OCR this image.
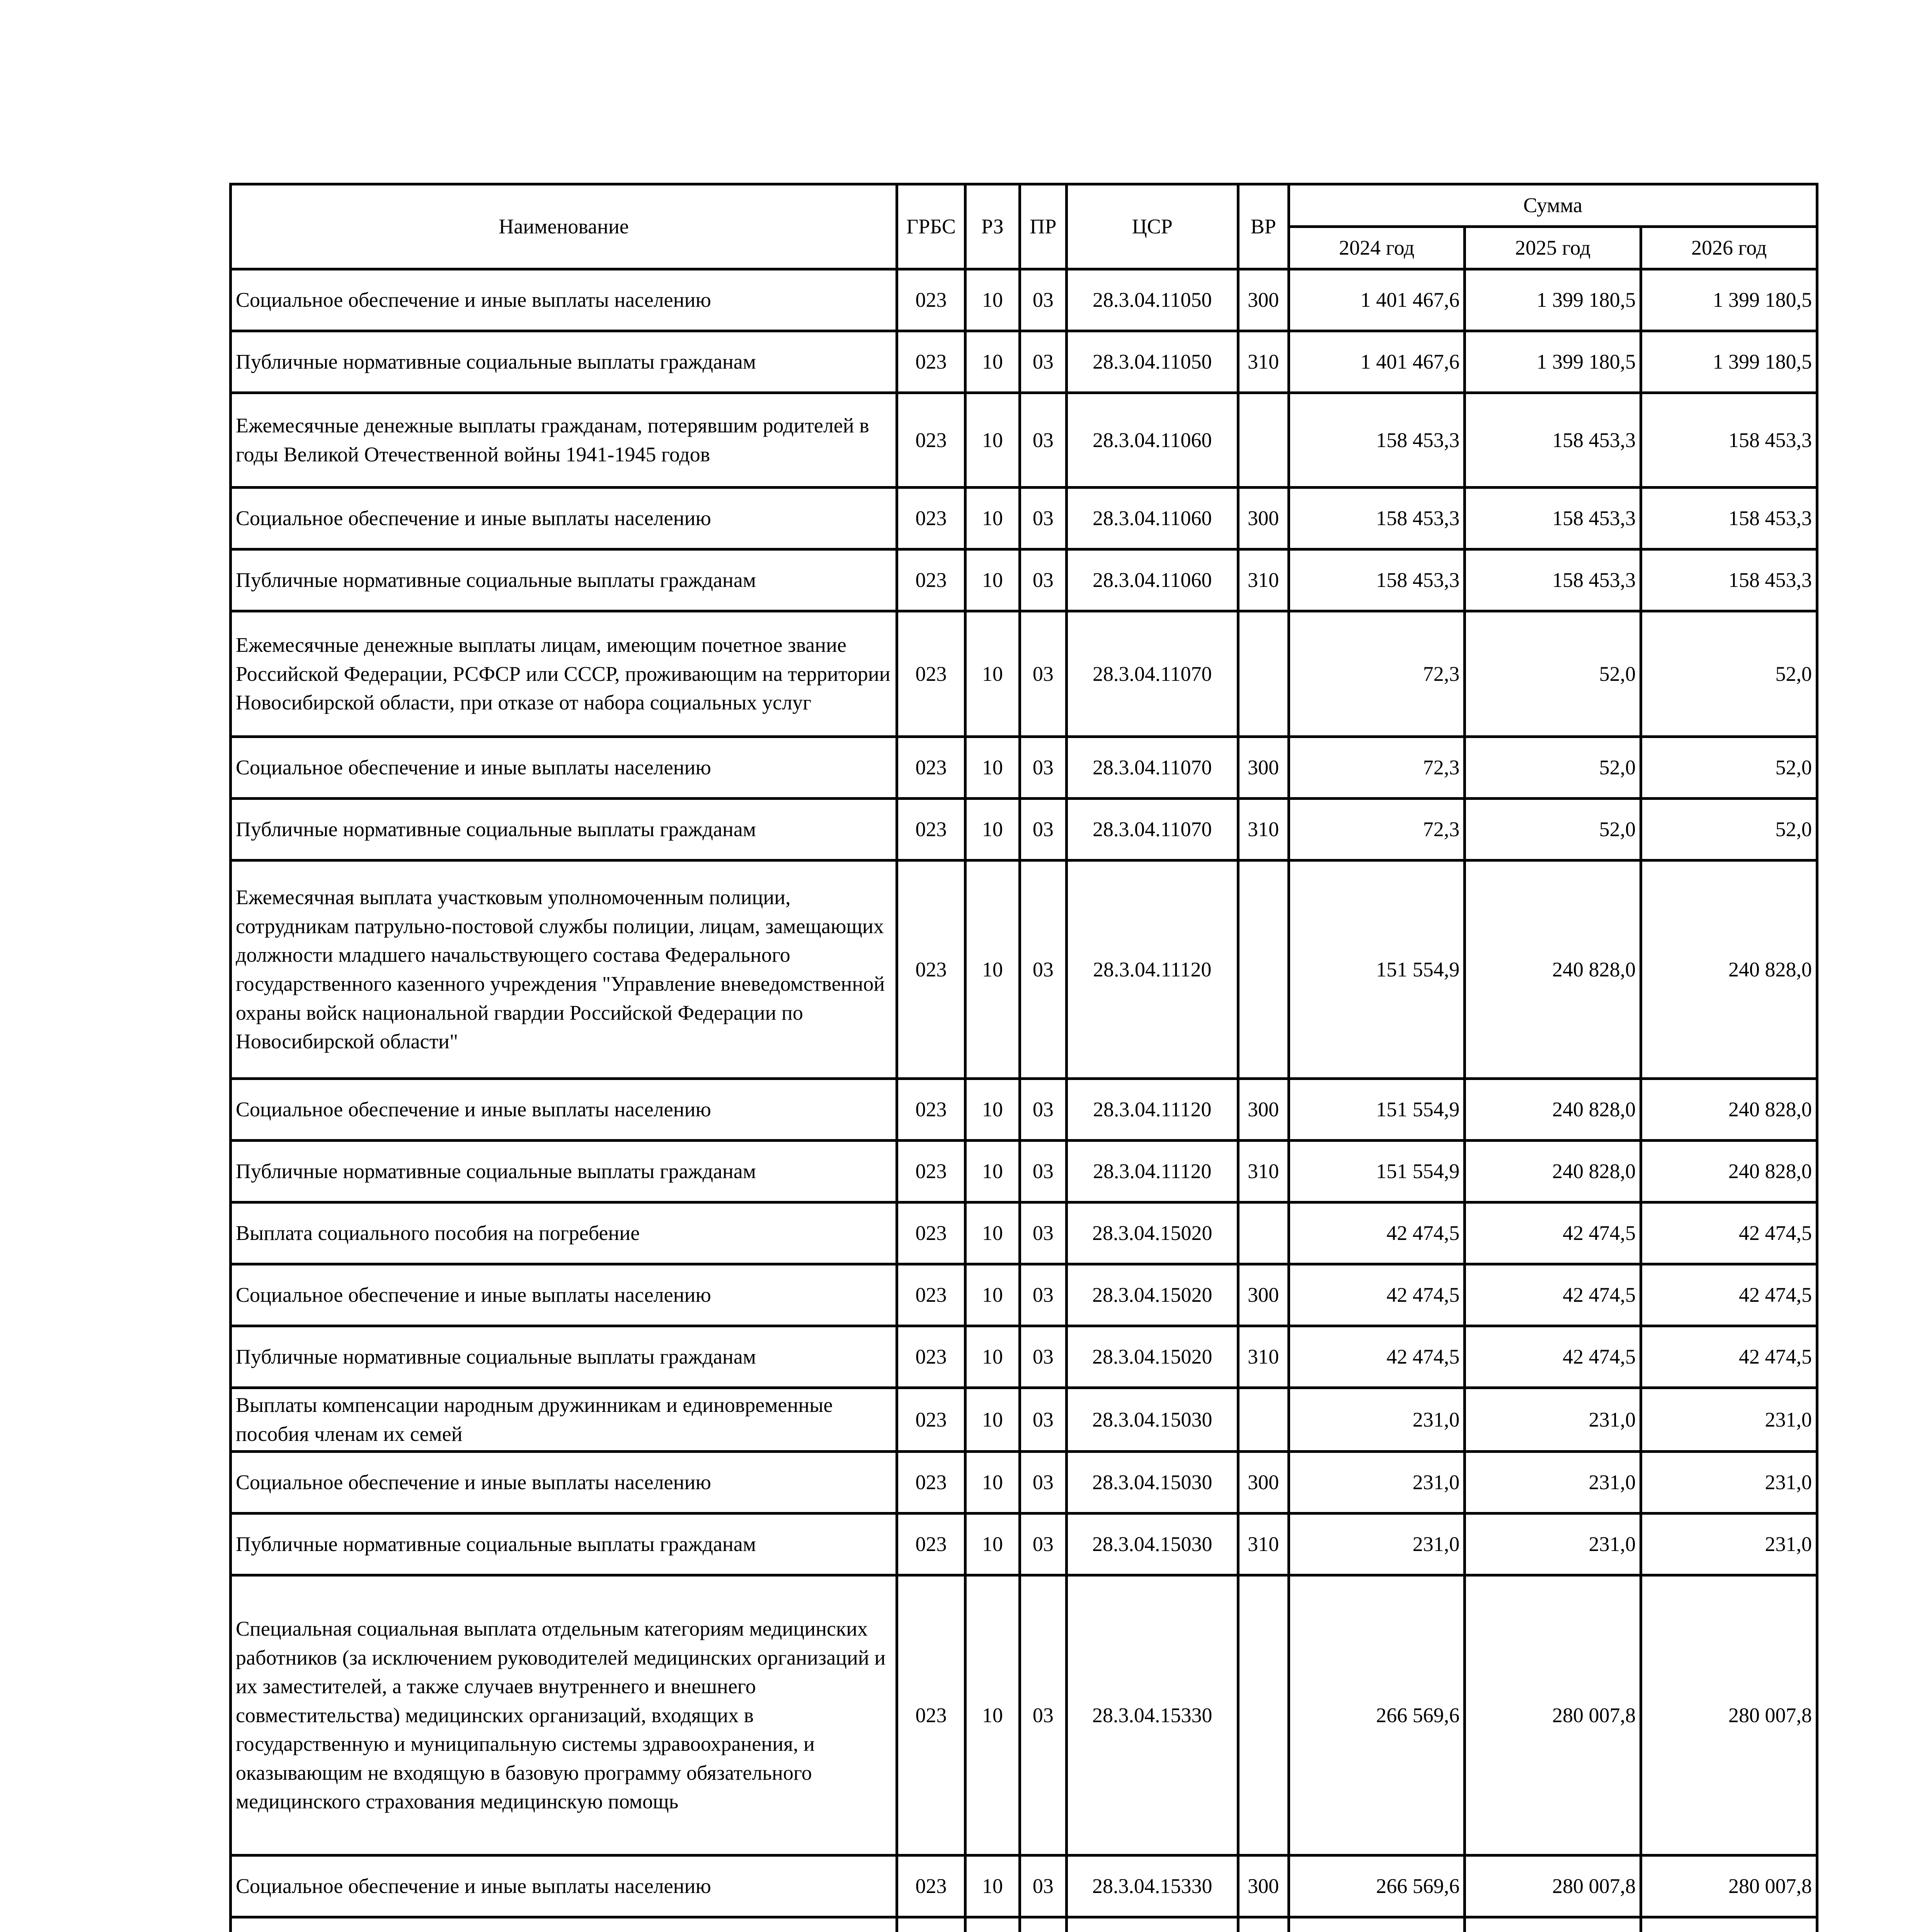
Наименование	ГРБС	РЗ	ПР	ЦСР	ВР	Сумма		
						2024 год	2025 год	2026 год
Социальное обеспечение и иные выплаты населению	023	10	03	28.3.04.11050	300	1 401 467,6	1 399 180,5	1 399 180,5
Публичные нормативные социальные выплаты гражданам	023	10	03	28.3.04.11050	310	1 401 467,6	1 399 180,5	1 399 180,5
Ежемесячные денежные выплаты гражданам, потерявшим родителей в годы Великой Отечественной войны 1941-1945 годов	023	10	03	28.3.04.11060		158 453,3	158 453,3	158 453,3
Социальное обеспечение и иные выплаты населению	023	10	03	28.3.04.11060	300	158 453,3	158 453,3	158 453,3
Публичные нормативные социальные выплаты гражданам	023	10	03	28.3.04.11060	310	158 453,3	158 453,3	158 453,3
Ежемесячные денежные выплаты лицам, имеющим почетное звание Российской Федерации, РСФСР или СССР, проживающим на территории Новосибирской области, при отказе от набора социальных услуг	023	10	03	28.3.04.11070		72,3	52,0	52,0
Социальное обеспечение и иные выплаты населению	023	10	03	28.3.04.11070	300	72,3	52,0	52,0
Публичные нормативные социальные выплаты гражданам	023	10	03	28.3.04.11070	310	72,3	52,0	52,0
Ежемесячная выплата участковым уполномоченным полиции, сотрудникам патрульно-постовой службы полиции, лицам, замещающих должности младшего начальствующего состава Федерального государственного казенного учреждения "Управление вневедомственной охраны войск национальной гвардии Российской Федерации по Новосибирской области"	023	10	03	28.3.04.11120		151 554,9	240 828,0	240 828,0
Социальное обеспечение и иные выплаты населению	023	10	03	28.3.04.11120	300	151 554,9	240 828,0	240 828,0
Публичные нормативные социальные выплаты гражданам	023	10	03	28.3.04.11120	310	151 554,9	240 828,0	240 828,0
Выплата социального пособия на погребение	023	10	03	28.3.04.15020		42 474,5	42 474,5	42 474,5
Социальное обеспечение и иные выплаты населению	023	10	03	28.3.04.15020	300	42 474,5	42 474,5	42 474,5
Публичные нормативные социальные выплаты гражданам	023	10	03	28.3.04.15020	310	42 474,5	42 474,5	42 474,5
Выплаты компенсации народным дружинникам и единовременные пособия членам их семей	023	10	03	28.3.04.15030		231,0	231,0	231,0
Социальное обеспечение и иные выплаты населению	023	10	03	28.3.04.15030	300	231,0	231,0	231,0
Публичные нормативные социальные выплаты гражданам	023	10	03	28.3.04.15030	310	231,0	231,0	231,0
Специальная социальная выплата отдельным категориям медицинских работников (за исключением руководителей медицинских организаций и их заместителей, а также случаев внутреннего и внешнего совместительства) медицинских организаций, входящих в государственную и муниципальную системы здравоохранения, и оказывающим не входящую в базовую программу обязательного медицинского страхования медицинскую помощь	023	10	03	28.3.04.15330		266 569,6	280 007,8	280 007,8
Социальное обеспечение и иные выплаты населению	023	10	03	28.3.04.15330	300	266 569,6	280 007,8	280 007,8
